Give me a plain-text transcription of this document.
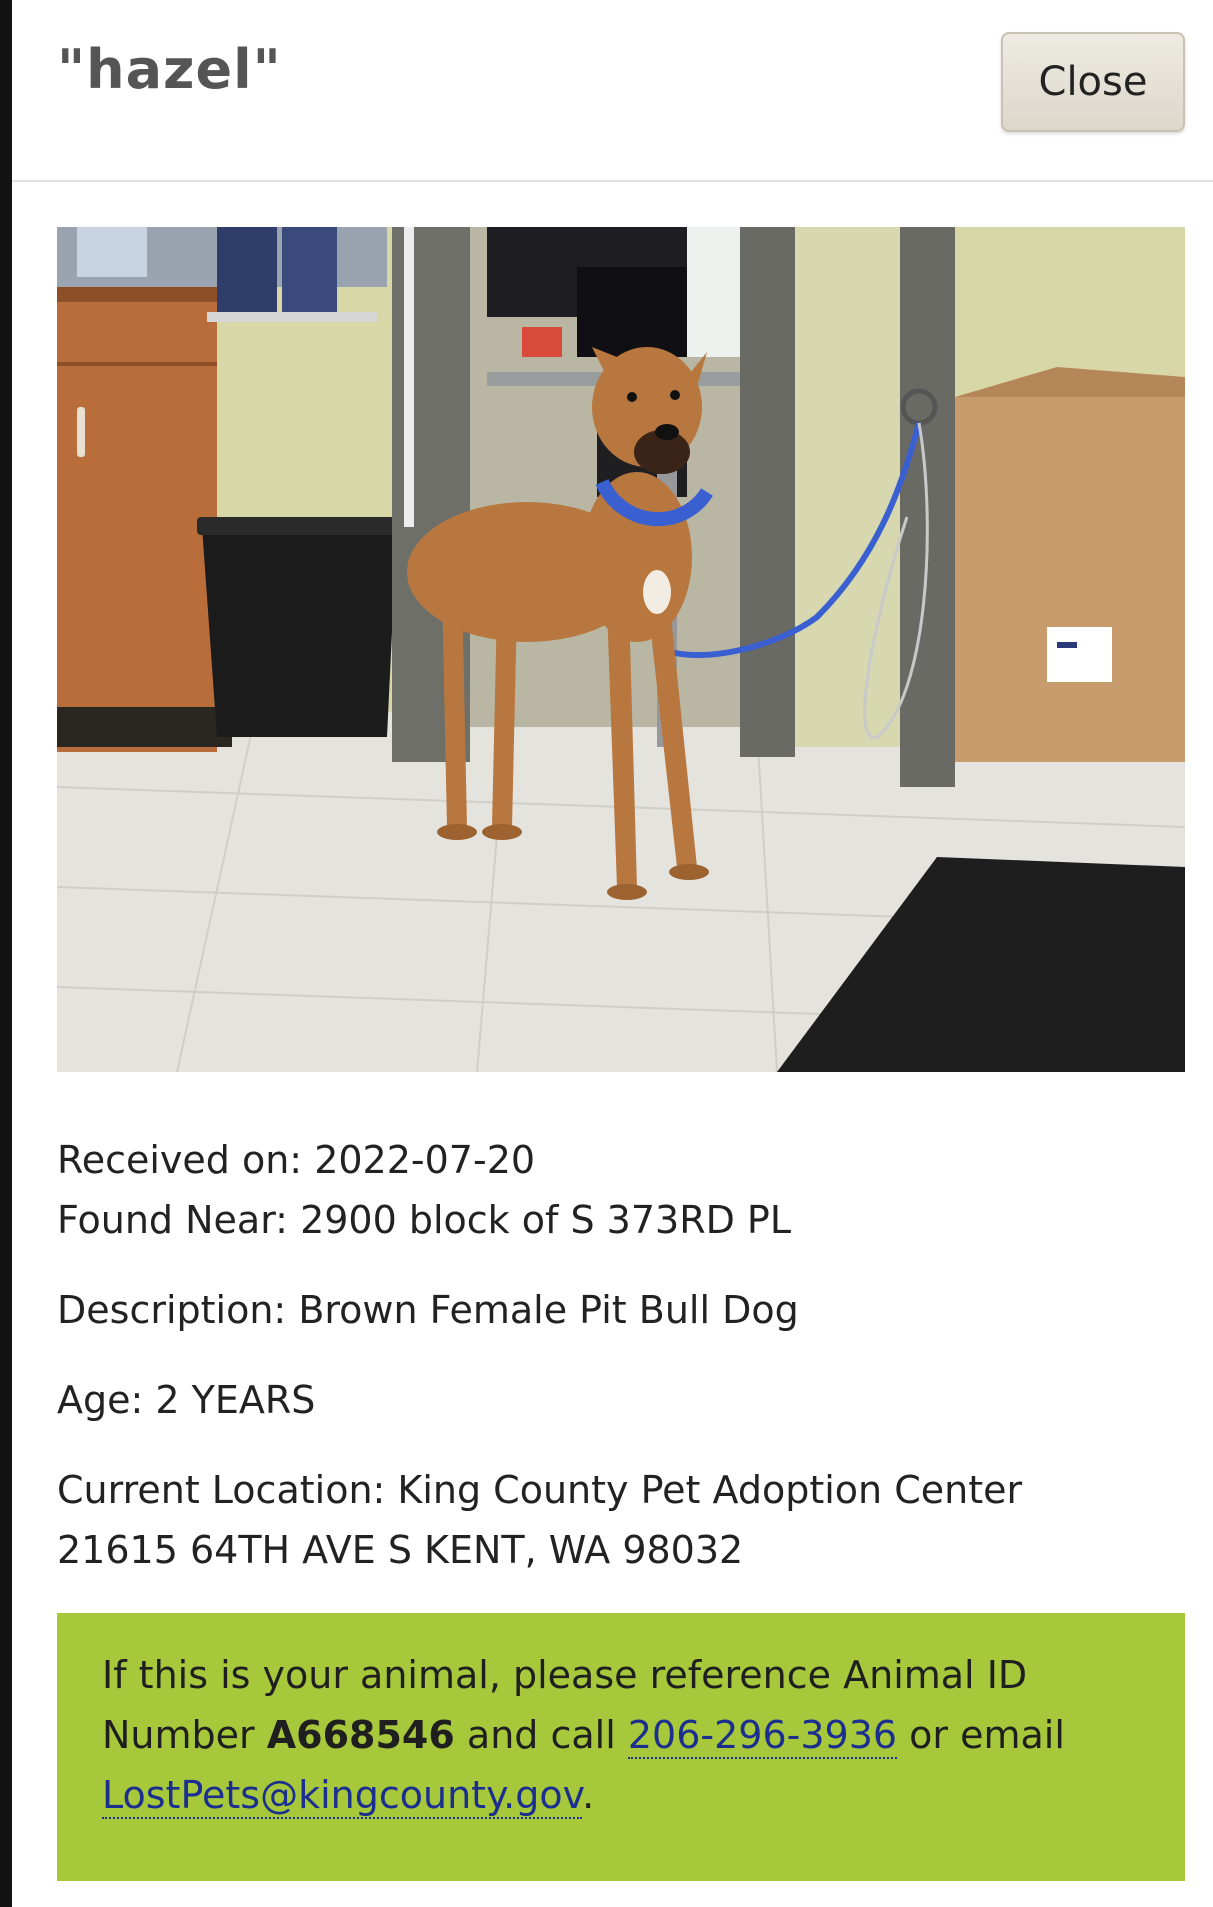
"hazel"	Close

Received on: 2022-07-20

Found Near: 2900 block of S 373RD PL

Description: Brown Female Pit Bull Dog

Age: 2 YEARS

Current Location: King County Pet Adoption Center

21615 64TH AVE S KENT, WA 98032

If this is your animal, please reference Animal ID Number A668546 and call 206-296-3936 or email
LostPets@kingcounty.gov.
